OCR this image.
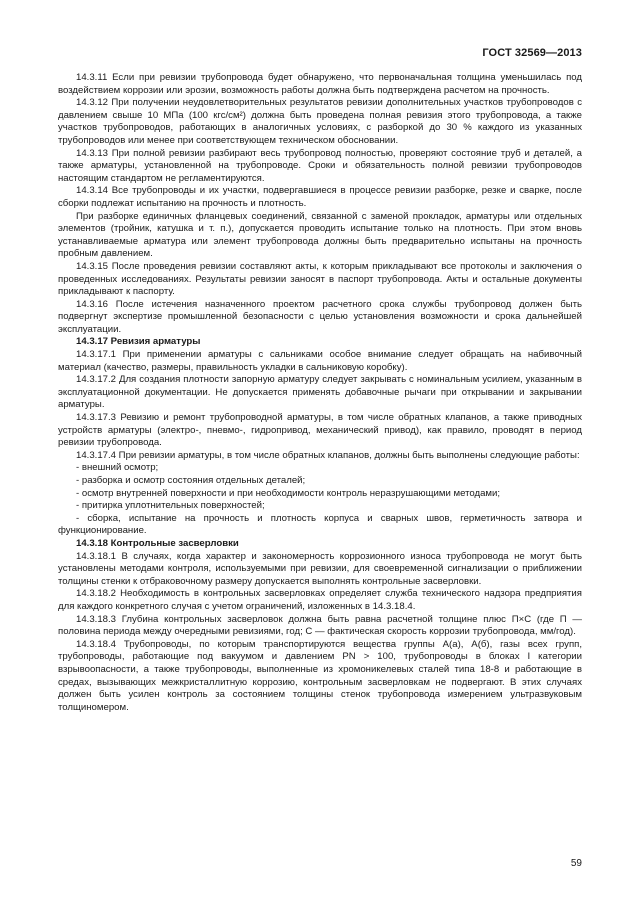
ГОСТ 32569—2013

14.3.11 Если при ревизии трубопровода будет обнаружено, что первоначальная толщина уменьшилась под воздействием коррозии или эрозии, возможность работы должна быть подтверждена расчетом на прочность.

14.3.12 При получении неудовлетворительных результатов ревизии дополнительных участков трубопроводов с давлением свыше 10 МПа (100 кгс/см²) должна быть проведена полная ревизия этого трубопровода, а также участков трубопроводов, работающих в аналогичных условиях, с разборкой до 30 % каждого из указанных трубопроводов или менее при соответствующем техническом обосновании.

14.3.13 При полной ревизии разбирают весь трубопровод полностью, проверяют состояние труб и деталей, а также арматуры, установленной на трубопроводе. Сроки и обязательность полной ревизии трубопроводов настоящим стандартом не регламентируются.

14.3.14 Все трубопроводы и их участки, подвергавшиеся в процессе ревизии разборке, резке и сварке, после сборки подлежат испытанию на прочность и плотность.

При разборке единичных фланцевых соединений, связанной с заменой прокладок, арматуры или отдельных элементов (тройник, катушка и т. п.), допускается проводить испытание только на плотность. При этом вновь устанавливаемые арматура или элемент трубопровода должны быть предварительно испытаны на прочность пробным давлением.

14.3.15 После проведения ревизии составляют акты, к которым прикладывают все протоколы и заключения о проведенных исследованиях. Результаты ревизии заносят в паспорт трубопровода. Акты и остальные документы прикладывают к паспорту.

14.3.16 После истечения назначенного проектом расчетного срока службы трубопровод должен быть подвергнут экспертизе промышленной безопасности с целью установления возможности и срока дальнейшей эксплуатации.

14.3.17 Ревизия арматуры

14.3.17.1 При применении арматуры с сальниками особое внимание следует обращать на набивочный материал (качество, размеры, правильность укладки в сальниковую коробку).

14.3.17.2 Для создания плотности запорную арматуру следует закрывать с номинальным усилием, указанным в эксплуатационной документации. Не допускается применять добавочные рычаги при открывании и закрывании арматуры.

14.3.17.3 Ревизию и ремонт трубопроводной арматуры, в том числе обратных клапанов, а также приводных устройств арматуры (электро-, пневмо-, гидропривод, механический привод), как правило, проводят в период ревизии трубопровода.

14.3.17.4 При ревизии арматуры, в том числе обратных клапанов, должны быть выполнены следующие работы:

- внешний осмотр;

- разборка и осмотр состояния отдельных деталей;

- осмотр внутренней поверхности и при необходимости контроль неразрушающими методами;

- притирка уплотнительных поверхностей;

- сборка, испытание на прочность и плотность корпуса и сварных швов, герметичность затвора и функционирование.

14.3.18 Контрольные засверловки

14.3.18.1 В случаях, когда характер и закономерность коррозионного износа трубопровода не могут быть установлены методами контроля, используемыми при ревизии, для своевременной сигнализации о приближении толщины стенки к отбраковочному размеру допускается выполнять контрольные засверловки.

14.3.18.2 Необходимость в контрольных засверловках определяет служба технического надзора предприятия для каждого конкретного случая с учетом ограничений, изложенных в 14.3.18.4.

14.3.18.3 Глубина контрольных засверловок должна быть равна расчетной толщине плюс П×С (где П — половина периода между очередными ревизиями, год; С — фактическая скорость коррозии трубопровода, мм/год).

14.3.18.4 Трубопроводы, по которым транспортируются вещества группы А(а), А(б), газы всех групп, трубопроводы, работающие под вакуумом и давлением PN > 100, трубопроводы в блоках I категории взрывоопасности, а также трубопроводы, выполненные из хромоникелевых сталей типа 18-8 и работающие в средах, вызывающих межкристаллитную коррозию, контрольным засверловкам не подвергают. В этих случаях должен быть усилен контроль за состоянием толщины стенок трубопровода измерением ультразвуковым толщиномером.

59
